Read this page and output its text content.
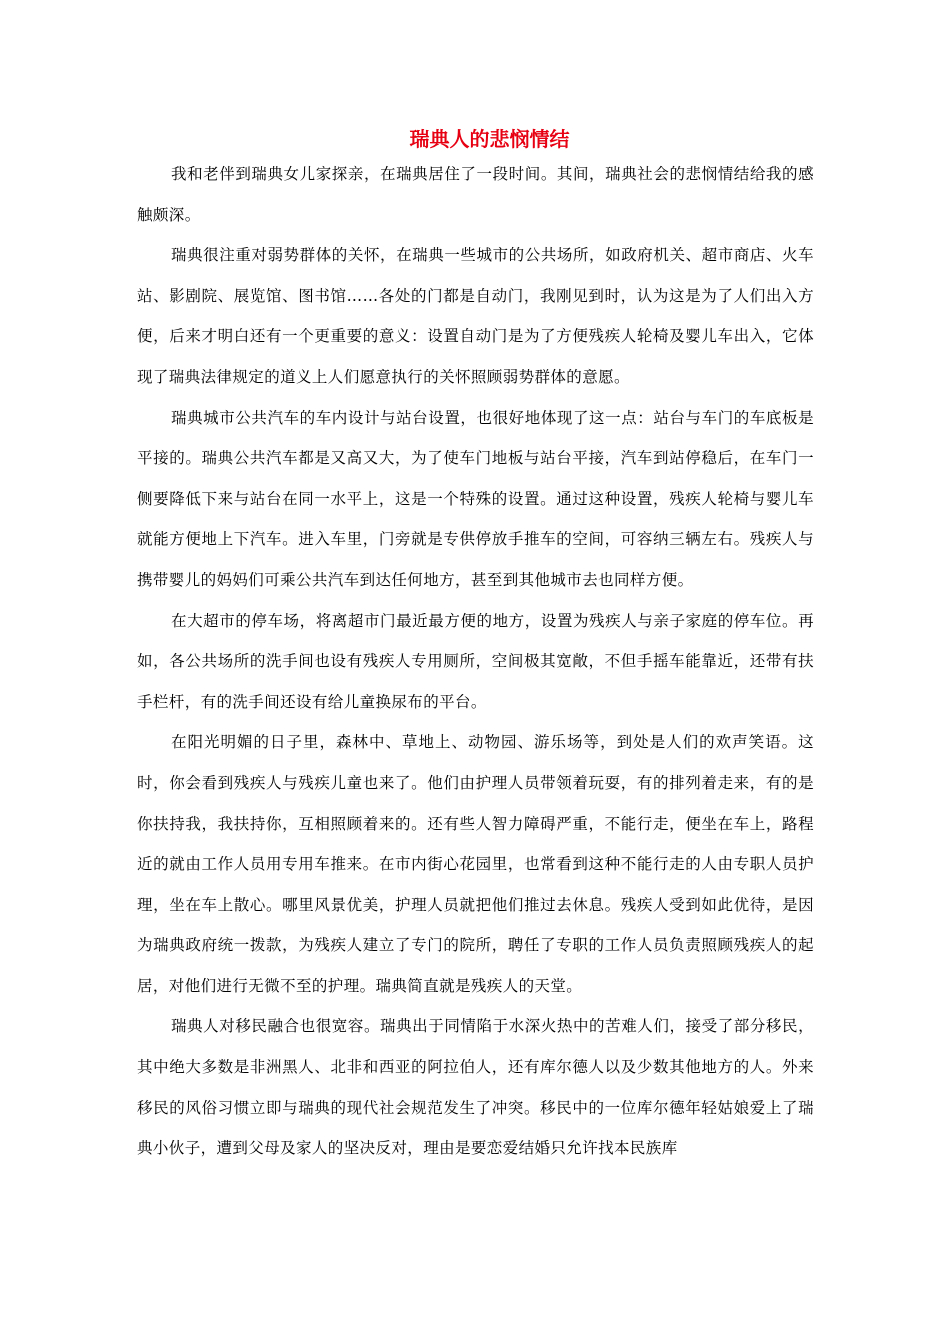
瑞典人的悲悯情结

我和老伴到瑞典女儿家探亲，在瑞典居住了一段时间。其间，瑞典社会的悲悯情结给我的感触颇深。

瑞典很注重对弱势群体的关怀，在瑞典一些城市的公共场所，如政府机关、超市商店、火车站、影剧院、展览馆、图书馆……各处的门都是自动门，我刚见到时，认为这是为了人们出入方便，后来才明白还有一个更重要的意义：设置自动门是为了方便残疾人轮椅及婴儿车出入，它体现了瑞典法律规定的道义上人们愿意执行的关怀照顾弱势群体的意愿。

瑞典城市公共汽车的车内设计与站台设置，也很好地体现了这一点：站台与车门的车底板是平接的。瑞典公共汽车都是又高又大，为了使车门地板与站台平接，汽车到站停稳后，在车门一侧要降低下来与站台在同一水平上，这是一个特殊的设置。通过这种设置，残疾人轮椅与婴儿车就能方便地上下汽车。进入车里，门旁就是专供停放手推车的空间，可容纳三辆左右。残疾人与携带婴儿的妈妈们可乘公共汽车到达任何地方，甚至到其他城市去也同样方便。

在大超市的停车场，将离超市门最近最方便的地方，设置为残疾人与亲子家庭的停车位。再如，各公共场所的洗手间也设有残疾人专用厕所，空间极其宽敞，不但手摇车能靠近，还带有扶手栏杆，有的洗手间还设有给儿童换尿布的平台。

在阳光明媚的日子里，森林中、草地上、动物园、游乐场等，到处是人们的欢声笑语。这时，你会看到残疾人与残疾儿童也来了。他们由护理人员带领着玩耍，有的排列着走来，有的是你扶持我，我扶持你，互相照顾着来的。还有些人智力障碍严重，不能行走，便坐在车上，路程近的就由工作人员用专用车推来。在市内街心花园里，也常看到这种不能行走的人由专职人员护理，坐在车上散心。哪里风景优美，护理人员就把他们推过去休息。残疾人受到如此优待，是因为瑞典政府统一拨款，为残疾人建立了专门的院所，聘任了专职的工作人员负责照顾残疾人的起居，对他们进行无微不至的护理。瑞典简直就是残疾人的天堂。

瑞典人对移民融合也很宽容。瑞典出于同情陷于水深火热中的苦难人们，接受了部分移民，其中绝大多数是非洲黑人、北非和西亚的阿拉伯人，还有库尔德人以及少数其他地方的人。外来移民的风俗习惯立即与瑞典的现代社会规范发生了冲突。移民中的一位库尔德年轻姑娘爱上了瑞典小伙子，遭到父母及家人的坚决反对，理由是要恋爱结婚只允许找本民族库
